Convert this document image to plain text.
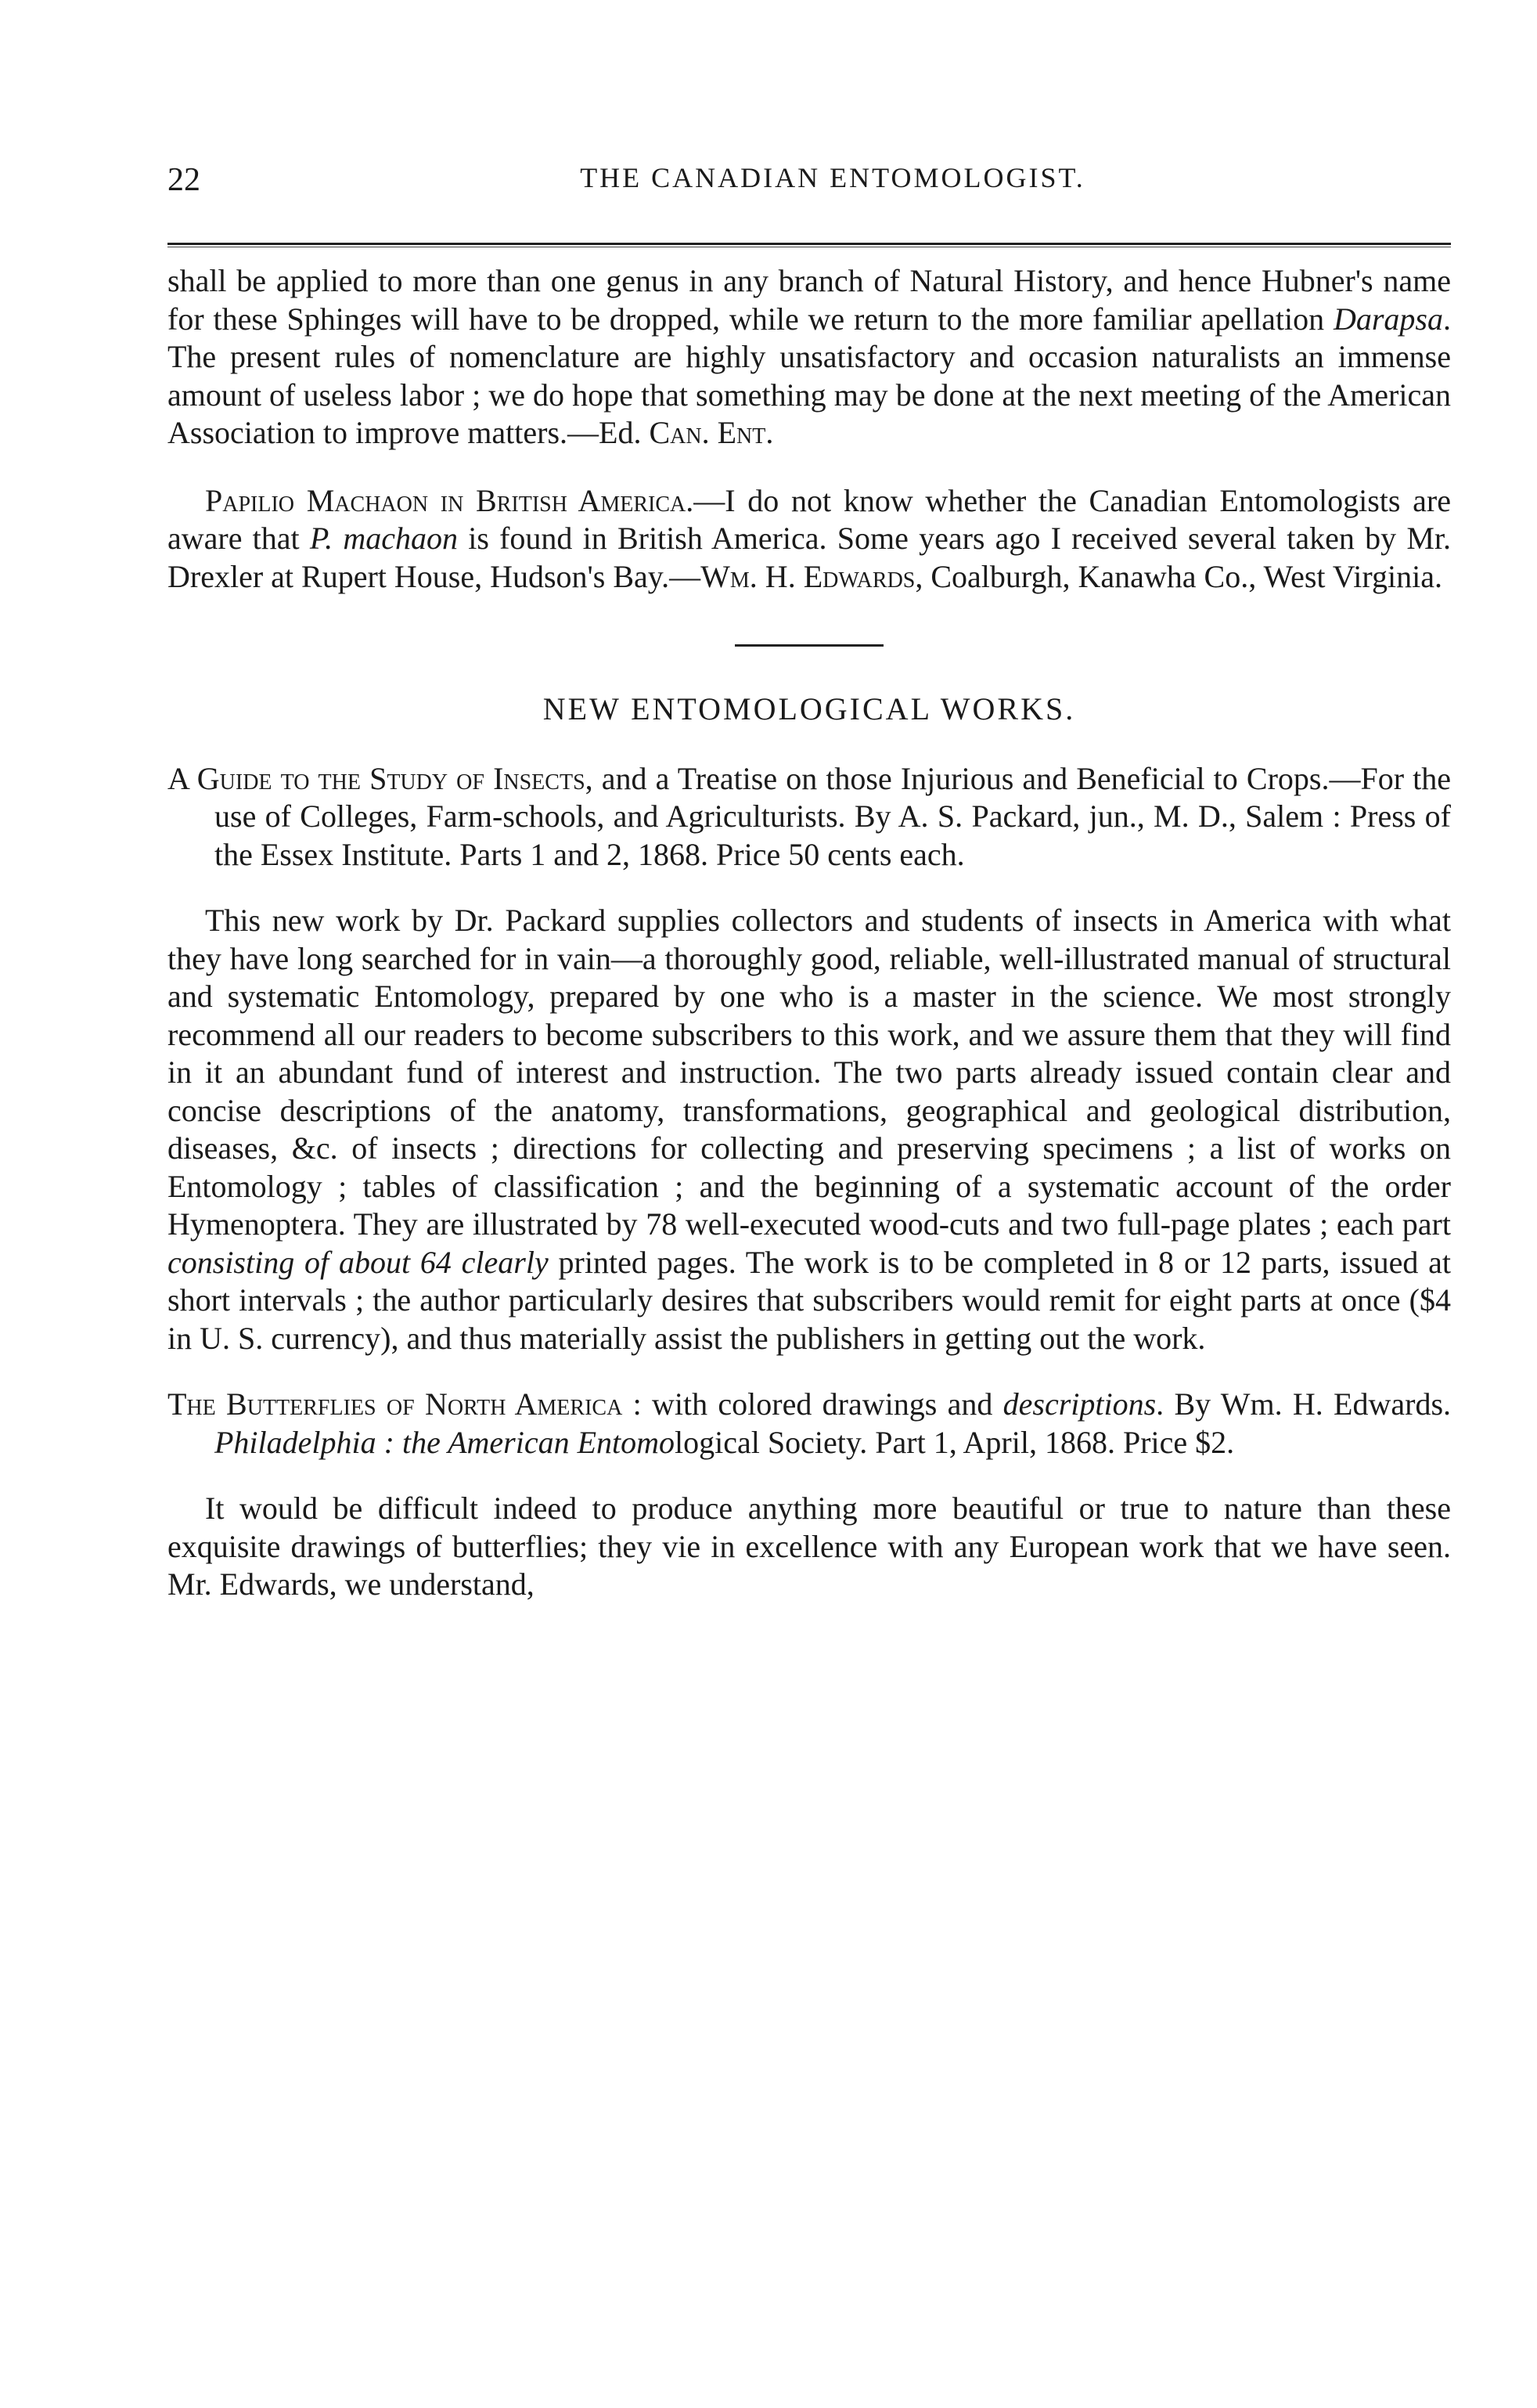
22	THE CANADIAN ENTOMOLOGIST.

shall be applied to more than one genus in any branch of Natural History, and hence Hubner's name for these Sphinges will have to be dropped, while we return to the more familiar apellation Darapsa. The present rules of nomenclature are highly unsatisfactory and occasion naturalists an immense amount of useless labor ; we do hope that something may be done at the next meeting of the American Association to improve matters.—Ed. Can. Ent.

Papilio Machaon in British America.—I do not know whether the Canadian Entomologists are aware that P. machaon is found in British America. Some years ago I received several taken by Mr. Drexler at Rupert House, Hudson's Bay.—Wm. H. Edwards, Coalburgh, Kanawha Co., West Virginia.

NEW ENTOMOLOGICAL WORKS.

A Guide to the Study of Insects, and a Treatise on those Injurious and Beneficial to Crops.—For the use of Colleges, Farm-schools, and Agriculturists. By A. S. Packard, jun., M. D., Salem : Press of the Essex Institute. Parts 1 and 2, 1868. Price 50 cents each.

This new work by Dr. Packard supplies collectors and students of insects in America with what they have long searched for in vain—a thoroughly good, reliable, well-illustrated manual of structural and systematic Entomology, prepared by one who is a master in the science. We most strongly recommend all our readers to become subscribers to this work, and we assure them that they will find in it an abundant fund of interest and instruction. The two parts already issued contain clear and concise descriptions of the anatomy, transformations, geographical and geological distribution, diseases, &c. of insects ; directions for collecting and preserving specimens ; a list of works on Entomology ; tables of classification ; and the beginning of a systematic account of the order Hymenoptera. They are illustrated by 78 well-executed wood-cuts and two full-page plates ; each part consisting of about 64 clearly printed pages. The work is to be completed in 8 or 12 parts, issued at short intervals ; the author particularly desires that subscribers would remit for eight parts at once ($4 in U. S. currency), and thus materially assist the publishers in getting out the work.

The Butterflies of North America : with colored drawings and descriptions. By Wm. H. Edwards. Philadelphia : the American Entomological Society. Part 1, April, 1868. Price $2.

It would be difficult indeed to produce anything more beautiful or true to nature than these exquisite drawings of butterflies; they vie in excellence with any European work that we have seen. Mr. Edwards, we understand,
